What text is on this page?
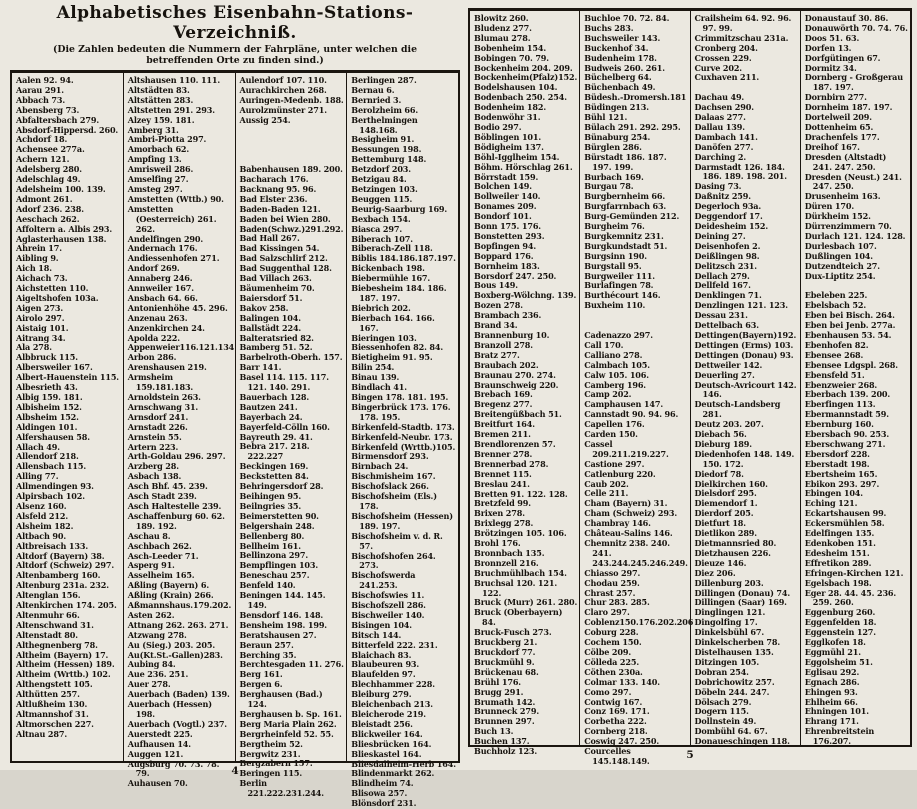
Alphabetisches Eisenbahn-Stations-Verzeichniß.
(Die Zahlen bedeuten die Nummern der Fahrpläne, unter welchen die betreffenden Orte zu finden sind.)
Aalen 92. 94.
Aarau 291.
Abbach 73.
Abensberg 73.
Abfaltersbach 279.
Absdorf-Hippersd. 260.
Achdorf 18.
Achensee 277a.
Achern 121.
Adelsberg 280.
Adelschlag 49.
Adelsheim 100. 139.
Admont 261.
Adorf 236. 238.
Aeschach 262.
Affoltern a. Albis 293.
Aglasterhausen 138.
Ahrein 17.
Aibling 9.
Aich 18.
Aichach 73.
Aichstetten 110.
Aigeltshofen 103a.
Aigen 273.
Airolo 297.
Aistaig 101.
Aitrang 34.
Ala 278.
Albbruck 115.
Albersweiler 167.
Albert-Hauenstein 115.
Albesrieth 43.
Albig 159. 181.
Albisheim 152.
Albsheim 152.
Aldingen 101.
Alfershausen 58.
Allach 49.
Allendorf 218.
Allensbach 115.
Alling 77.
Allmendingen 93.
Alpirsbach 102.
Alsenz 160.
Alsfeld 212.
Alsheim 182.
Altbach 90.
Altbreisach 133.
Altdorf (Bayern) 38.
Altdorf (Schweiz) 297.
Altenbamberg 160.
Altenburg 231a. 232.
Altenglan 156.
Altenkirchen 174. 205.
Altenmuhr 66.
Altenschwand 31.
Altenstadt 80.
Althegnenberg 78.
Altheim (Bayern) 17.
Altheim (Hessen) 189.
Altheim (Wrttb.) 102.
Althengstett 105.
Althütten 257.
Altlußheim 130.
Altmannshof 31.
Altmorschen 227.
Altnau 287.
Altshausen 110. 111.
Altstädten 83.
Altstätten 283.
Altstetten 291. 293.
Alzey 159. 181.
Amberg 31.
Ambri-Piotta 297.
Amorbach 62.
Ampfing 13.
Amrisweil 286.
Amselfing 27.
Amsteg 297.
Amstetten (Wttb.) 90.
Amstetten (Oesterreich) 261. 262.
Andelfingen 290.
Andernach 176.
Andiessenhofen 271.
Andorf 269.
Annaberg 246.
Annweiler 167.
Ansbach 64. 66.
Antonienhöhe 45. 296.
Anzenau 263.
Anzenkirchen 24.
Apolda 222.
Appenweier116.121.134
Arbon 286.
Arenshausen 219.
Armsheim 159.181.183.
Arnoldstein 263.
Arnschwang 31.
Arnsdorf 241.
Arnstadt 226.
Arnstein 55.
Artern 223.
Arth-Goldau 296. 297.
Arzberg 28.
Asbach 138.
Asch Bhf. 45. 239.
Asch Stadt 239.
Asch Haltestelle 239.
Aschaffenburg 60. 62. 189. 192.
Aschau 8.
Aschbach 262.
Asch-Leeder 71.
Asperg 91.
Asselheim 165.
Aßling (Bayern) 6.
Aßling (Krain) 266.
Aßmannshaus.179.202.
Asten 262.
Attnang 262. 263. 271.
Atzwang 278.
Au (Sieg.) 203. 205.
Au(Kt.St.-Gallen)283.
Aubing 84.
Aue 236. 251.
Auer 278.
Auerbach (Baden) 139.
Auerbach (Hessen) 198.
Auerbach (Vogtl.) 237.
Auerstedt 225.
Aufhausen 14.
Auggen 121.
Augsburg 70. 73. 78. 79.
Auhausen 70.
Aulendorf 107. 110.
Aurachkirchen 268.
Auringen-Medenb. 188.
Aurolzmünster 271.
Aussig 254.
Babenhausen 189. 200.
Bacharach 176.
Backnang 95. 96.
Bad Elster 236.
Baden-Baden 121.
Baden bei Wien 280.
Baden(Schwz.)291.292.
Bad Hall 267.
Bad Kissingen 54.
Bad Salzschlirf 212.
Bad Suggenthal 128.
Bad Villach 263.
Bäumenheim 70.
Baiersdorf 51.
Bakov 258.
Balingen 104.
Ballstädt 224.
Balteratsried 82.
Bamberg 51. 52.
Barbelroth-Oberh. 157.
Barr 141.
Basel 114. 115. 117. 121. 140. 291.
Bauerbach 128.
Bautzen 241.
Bayerbach 24.
Bayerfeld-Cölln 160.
Bayreuth 29. 41.
Bebra 217. 218. 222.227
Beckingen 169.
Beckstetten 84.
Behringersdorf 28.
Beihingen 95.
Beilngries 35.
Beimerstetten 90.
Belgershain 248.
Bellenberg 80.
Bellheim 161.
Bellinzona 297.
Bempflingen 103.
Beneschau 257.
Benfeld 140.
Beningen 144. 145. 149.
Bensdorf 146. 148.
Bensheim 198. 199.
Beratshausen 27.
Beraun 257.
Berching 35.
Berchtesgaden 11. 276.
Berg 161.
Bergen 6.
Berghausen (Bad.) 124.
Berghausen b. Sp. 161.
Berg Maria Plain 262.
Bergrheinfeld 52. 55.
Bergtheim 52.
Bergwitz 231.
Bergzabern 157.
Beringen 115.
Berlin 221.222.231.244.
Berlingen 287.
Bernau 6.
Bernried 3.
Berolzheim 66.
Berthelmingen 148.168.
Besigheim 91.
Bessungen 198.
Bettemburg 148.
Betzdorf 203.
Betzigau 84.
Betzingen 103.
Beuggen 115.
Beurig-Saarburg 169.
Bexbach 154.
Biasca 297.
Biberach 107.
Biberach-Zell 118.
Biblis 184.186.187.197.
Bickenbach 198.
Biebermühle 167.
Biebesheim 184. 186. 187. 197.
Biebrich 202.
Bierbach 164. 166. 167.
Bieringen 103.
Biessenhofen 82. 84.
Bietigheim 91. 95.
Bilin 254.
Binau 139.
Bindlach 41.
Bingen 178. 181. 195.
Bingerbrück 173. 176. 178. 195.
Birkenfeld-Stadtb. 173.
Birkenfeld-Neubr. 173.
Birkenfeld (Wrttb.)105.
Birmensdorf 293.
Birnbach 24.
Bischmisheim 167.
Bischofslack 266.
Bischofsheim (Els.) 178.
Bischofsheim (Hessen) 189. 197.
Bischofsheim v. d. R. 57.
Bischofshofen 264. 273.
Bischofswerda 241.253.
Bischofswies 11.
Bischofszell 286.
Bischweiler 140.
Bisingen 104.
Bitsch 144.
Bitterfeld 222. 231.
Blaichach 83.
Blaubeuren 93.
Blaufelden 97.
Blechhammer 228.
Bleiburg 279.
Bleichenbach 213.
Bleicherode 219.
Bleistadt 256.
Blickweiler 164.
Bliesbrücken 164.
Blieskastel 164.
Bliesdalheim-Herb 164.
Blindenmarkt 262.
Blindheim 74.
Blisowa 257.
Blönsdorf 231.
4
Blowitz 260.
Bludenz 277.
Blumau 278.
Bobenheim 154.
Bobingen 70. 79.
Bockenheim 204. 209.
Bockenheim(Pfalz)152.
Bodelshausen 104.
Bodenbach 250. 254.
Bodenheim 182.
Bodenwöhr 31.
Bodio 297.
Böblingen 101.
Bödigheim 137.
Böhl-Igglheim 154.
Böhm. Hörschlag 261.
Börrstadt 159.
Bolchen 149.
Bollweiler 140.
Bonames 209.
Bondorf 101.
Bonn 175. 176.
Bonstetten 293.
Bopfingen 94.
Boppard 176.
Bornheim 183.
Borsdorf 247. 250.
Bous 149.
Boxberg-Wölchng. 139.
Bozen 278.
Brambach 236.
Brand 34.
Brannenburg 10.
Branzoll 278.
Bratz 277.
Braubach 202.
Braunau 270. 274.
Braunschweig 220.
Brebach 169.
Bregenz 277.
Breitengüßbach 51.
Breitfurt 164.
Bremen 211.
Brendlorenzen 57.
Brenner 278.
Brennerbad 278.
Brennet 115.
Breslau 241.
Bretten 91. 122. 128.
Bretzfeld 99.
Brixen 278.
Brixlegg 278.
Brötzingen 105. 106.
Brohl 176.
Bronnbach 135.
Bronnzell 216.
Bruchmühlbach 154.
Bruchsal 120. 121. 122.
Bruck (Murr) 261. 280.
Bruck (Oberbayern) 84.
Bruck-Fusch 273.
Bruckberg 21.
Bruckdorf 77.
Bruckmühl 9.
Brückenau 68.
Brühl 176.
Brugg 291.
Brumath 142.
Brunneck 279.
Brunnen 297.
Buch 13.
Buchen 137.
Buchholz 123.
Buchloe 70. 72. 84.
Buchs 283.
Buchsweiler 143.
Buckenhof 34.
Budenheim 178.
Budweis 260. 261.
Büchelberg 64.
Büchenbach 49.
Büdesh.-Dromersh.181
Büdingen 213.
Bühl 121.
Bülach 291. 292. 295.
Bünaburg 254.
Bürglen 286.
Bürstadt 186. 187. 197. 199.
Burbach 169.
Burgau 78.
Burgbernheim 66.
Burgfarrnbach 63.
Burg-Gemünden 212.
Burgheim 76.
Burgkemnitz 231.
Burgkundstadt 51.
Burgsinn 190.
Burgstall 95.
Burgweiler 111.
Burlafingen 78.
Burthécourt 146.
Buxheim 110.
Cadenazzo 297.
Call 170.
Calliano 278.
Calmbach 105.
Calw 105. 106.
Camberg 196.
Camp 202.
Camphausen 147.
Cannstadt 90. 94. 96.
Capellen 176.
Carden 150.
Cassel 209.211.219.227.
Castione 297.
Catlenburg 220.
Caub 202.
Celle 211.
Cham (Bayern) 31.
Cham (Schweiz) 293.
Chambray 146.
Château-Salins 146.
Chemnitz 238. 240. 241. 243.244.245.246.249.
Chiasso 297.
Chodau 259.
Chrast 257.
Chur 283. 285.
Claro 297.
Coblenz150.176.202.206
Coburg 228.
Cochem 150.
Cölbe 209.
Cölleda 225.
Cöthen 230a.
Colmar 133. 140.
Como 297.
Contwig 167.
Conz 169. 171.
Corbetha 222.
Cornberg 218.
Coswig 247. 250.
Courcelles 145.148.149.
Crailsheim 64. 92. 96. 97. 99.
Crimmitzschau 231a.
Cronberg 204.
Crossen 229.
Curve 202.
Cuxhaven 211.
Dachau 49.
Dachsen 290.
Dalaas 277.
Dallau 139.
Dambach 141.
Danöfen 277.
Darching 2.
Darmstadt 126. 184. 186. 189. 198. 201.
Dasing 73.
Daßnitz 259.
Degerloch 93a.
Deggendorf 17.
Deidesheim 152.
Deining 27.
Deisenhofen 2.
Deißlingen 98.
Delitzsch 231.
Dellach 279.
Dellfeld 167.
Denklingen 71.
Denzlingen 121. 123.
Dessau 231.
Dettelbach 63.
Dettingen(Bayern)192.
Dettingen (Erms) 103.
Dettingen (Donau) 93.
Dettweiler 142.
Deuerling 27.
Deutsch-Avricourt 142. 146.
Deutsch-Landsberg 281.
Deutz 203. 207.
Diebach 56.
Dieburg 189.
Diedenhofen 148. 149. 150. 172.
Diedorf 78.
Dielkirchen 160.
Dielsdorf 295.
Diemendorf 1.
Dierdorf 205.
Dietfurt 18.
Dietlikon 289.
Dietmannsried 80.
Dietzhausen 226.
Dieuze 146.
Diez 206.
Dillenburg 203.
Dillingen (Donau) 74.
Dillingen (Saar) 169.
Dinglingen 121.
Dingolfing 17.
Dinkelsbühl 67.
Dinkelscherben 78.
Distelhausen 135.
Ditzingen 105.
Dobran 254.
Dobrichowitz 257.
Döbeln 244. 247.
Dölsach 279.
Dogern 115.
Dollnstein 49.
Dombühl 64. 67.
Donaueschingen 118.
Donaustauf 30. 86.
Donauwörth 70. 74. 76.
Doos 51. 63.
Dorfen 13.
Dorfgütingen 67.
Dormitz 34.
Dornberg - Großgerau 187. 197.
Dornbirn 277.
Dornheim 187. 197.
Dortelweil 209.
Dottenheim 65.
Drachenfels 177.
Dreihof 167.
Dresden (Altstadt) 241. 247. 250.
Dresden (Neust.) 241. 247. 250.
Drusenheim 163.
Düren 170.
Dürkheim 152.
Dürrenzimmern 70.
Durlach 121. 124. 128.
Durlesbach 107.
Dußlingen 104.
Dutzendteich 27.
Dux-Liptitz 254.
Ebeleben 225.
Ebelsbach 52.
Eben bei Bisch. 264.
Eben bei Jenb. 277a.
Ebenhausen 53. 54.
Ebenhofen 82.
Ebensee 268.
Ebensee Ldgspl. 268.
Ebensfeld 51.
Ebenzweier 268.
Eberbach 139. 200.
Eberfingen 113.
Ebermannstadt 59.
Ebernburg 160.
Ebersbach 90. 253.
Eberschwang 271.
Ebersdorf 228.
Eberstadt 198.
Ebertsheim 165.
Ebikon 293. 297.
Ebingen 104.
Eching 121.
Eckartshausen 99.
Eckersmühlen 58.
Edelfingen 135.
Edenkoben 151.
Edesheim 151.
Effretikon 289.
Efringen-Kirchen 121.
Egelsbach 198.
Eger 28. 44. 45. 236. 259. 260.
Eggenburg 260.
Eggenfelden 18.
Eggenstein 127.
Egglkofen 18.
Eggmühl 21.
Eggolsheim 51.
Eglisau 292.
Egnach 286.
Ehingen 93.
Ehlheim 66.
Ehningen 101.
Ehrang 171.
Ehrenbreitstein 176.207.
5
